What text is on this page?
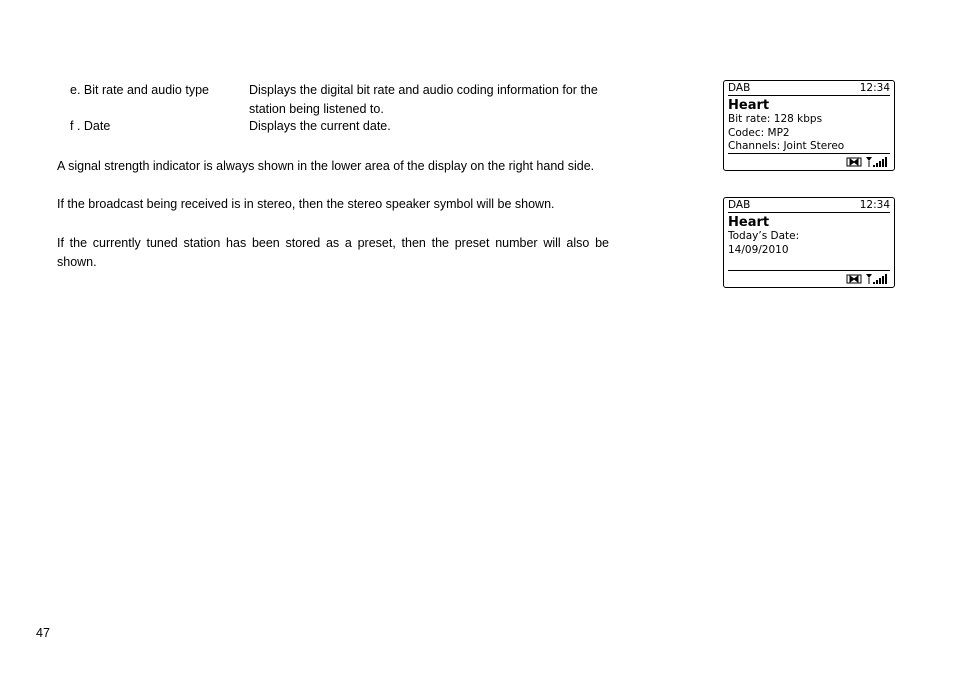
e. Bit rate and audio type	Displays the digital bit rate and audio coding information for the
station being listened to.
f . Date	Displays the current date.
A signal strength indicator is always shown in the lower area of the display on the right hand side.
If the broadcast being received is in stereo, then the stereo speaker symbol will be shown.
If the currently tuned station has been stored as a preset, then the preset number will also be shown.
DAB	12:34
Heart
Bit rate: 128 kbps
Codec: MP2
Channels: Joint Stereo
DAB	12:34
Heart
Today’s Date:
14/09/2010
47
